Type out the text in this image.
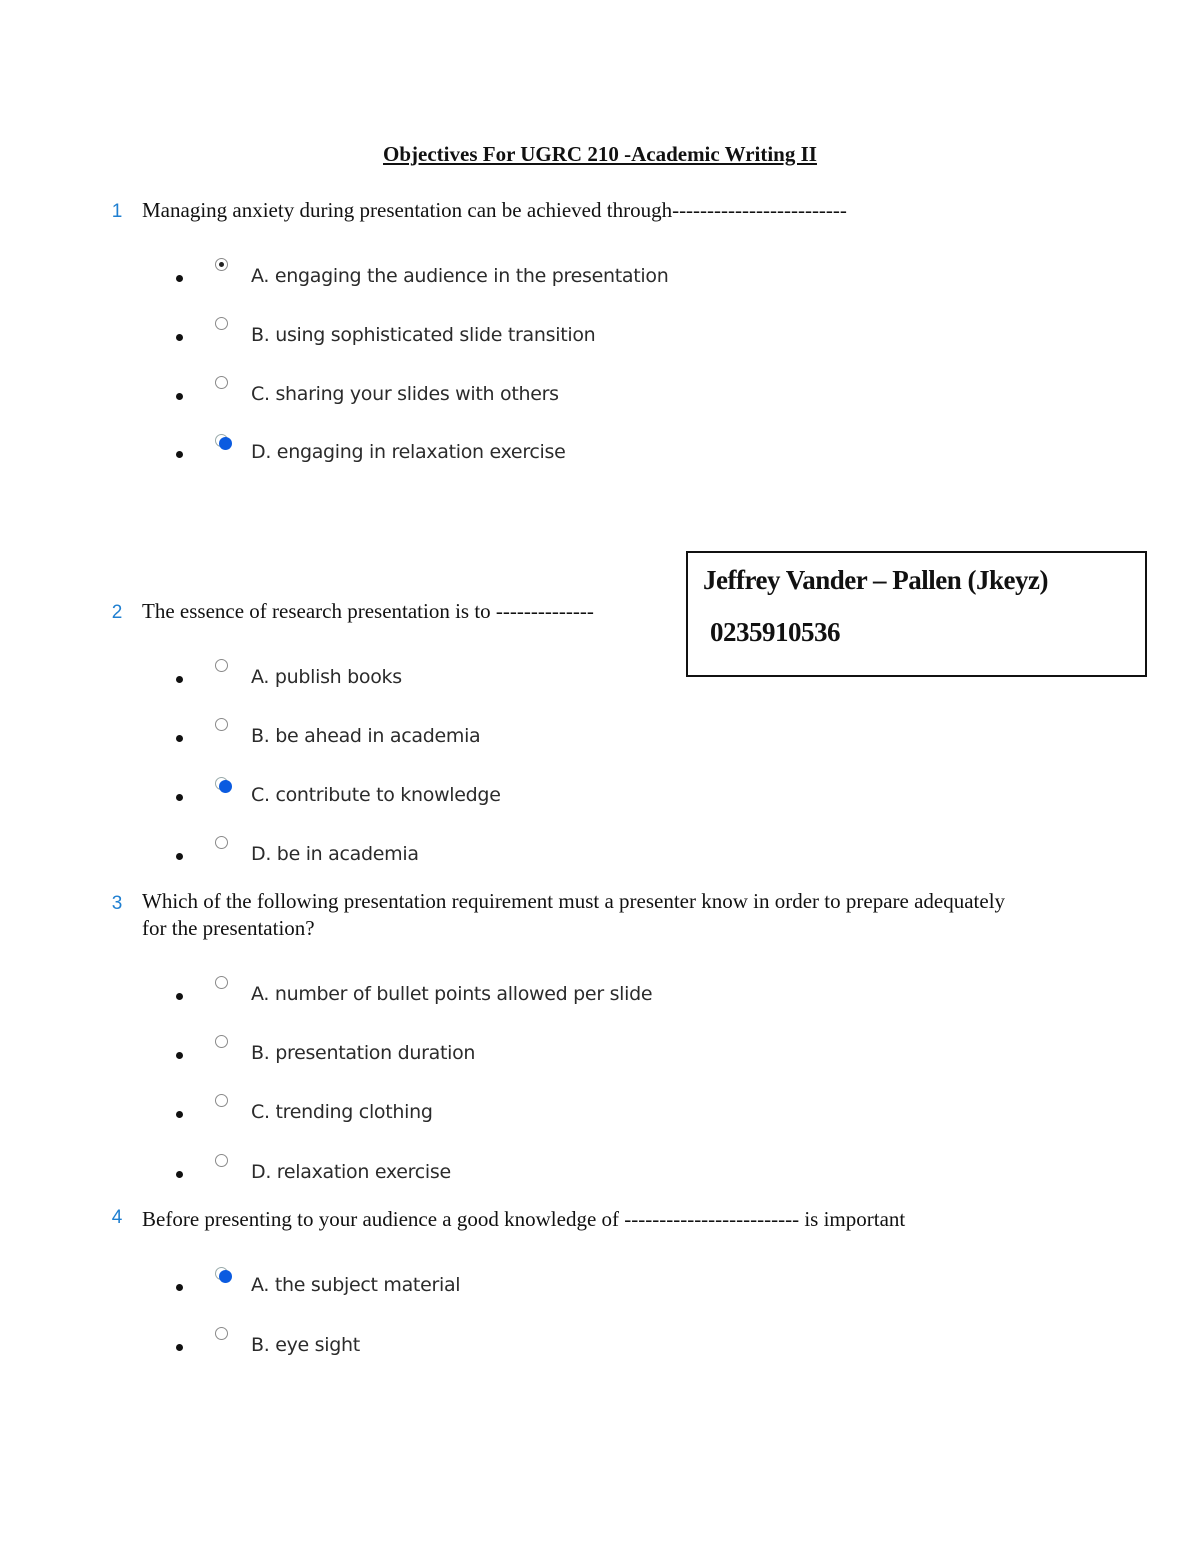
Objectives For UGRC 210 -Academic Writing II
1 Managing anxiety during presentation can be achieved through-------------------------
A. engaging the audience in the presentation
B. using sophisticated slide transition
C. sharing your slides with others
D. engaging in relaxation exercise
Jeffrey Vander – Pallen (Jkeyz)
0235910536
2 The essence of research presentation is to --------------
A. publish books
B. be ahead in academia
C. contribute to knowledge
D. be in academia
3 Which of the following presentation requirement must a presenter know in order to prepare adequately for the presentation?
A. number of bullet points allowed per slide
B. presentation duration
C. trending clothing
D. relaxation exercise
4 Before presenting to your audience a good knowledge of ------------------------- is important
A. the subject material
B. eye sight
